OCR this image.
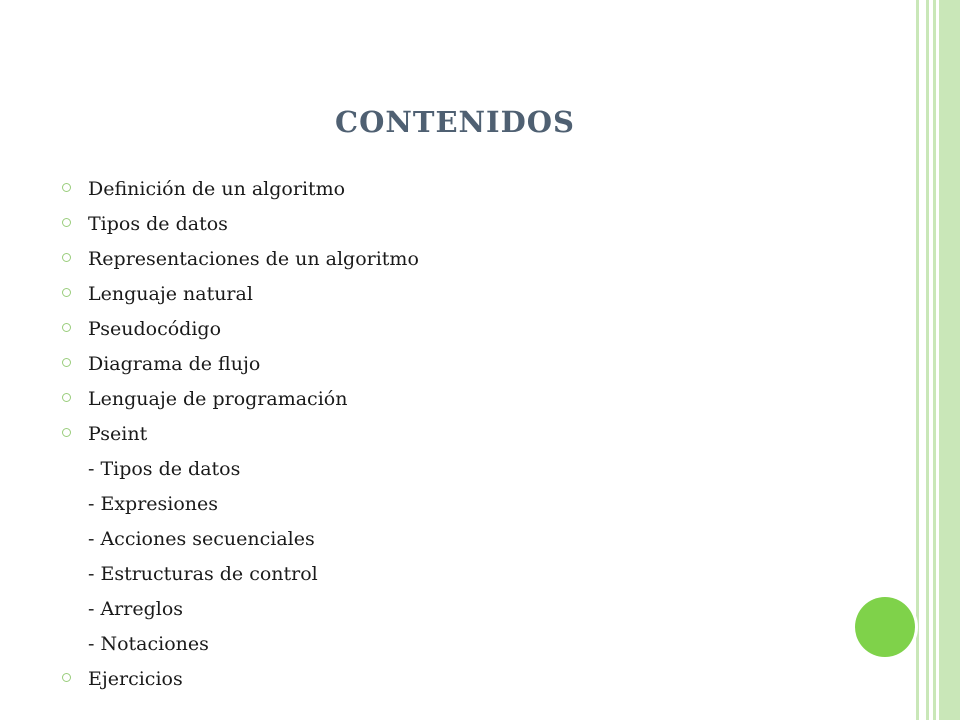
CONTENIDOS
Definición de un algoritmo
Tipos de datos
Representaciones de un algoritmo
Lenguaje natural
Pseudocódigo
Diagrama de flujo
Lenguaje de programación
Pseint
- Tipos de datos
- Expresiones
- Acciones secuenciales
- Estructuras de control
- Arreglos
- Notaciones
Ejercicios
